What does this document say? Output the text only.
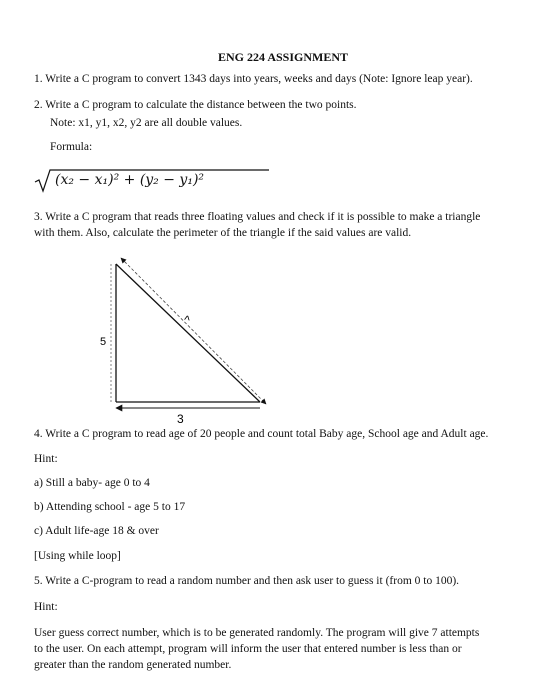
ENG 224 ASSIGNMENT
1. Write a C program to convert 1343 days into years, weeks and days (Note: Ignore leap year).
2. Write a C program to calculate the distance between the two points.
Note: x1, y1, x2, y2 are all double values.
Formula:
(x₂ − x₁)² + (y₂ − y₁)²
3. Write a C program that reads three floating values and check if it is possible to make a triangle
with them. Also, calculate the perimeter of the triangle if the said values are valid.
5
^
3
4. Write a C program to read age of 20 people and count total Baby age, School age and Adult age.
Hint:
a) Still a baby- age 0 to 4
b) Attending school - age 5 to 17
c) Adult life-age 18 & over
[Using while loop]
5. Write a C-program to read a random number and then ask user to guess it (from 0 to 100).
Hint:
User guess correct number, which is to be generated randomly. The program will give 7 attempts
to the user. On each attempt, program will inform the user that entered number is less than or
greater than the random generated number.
